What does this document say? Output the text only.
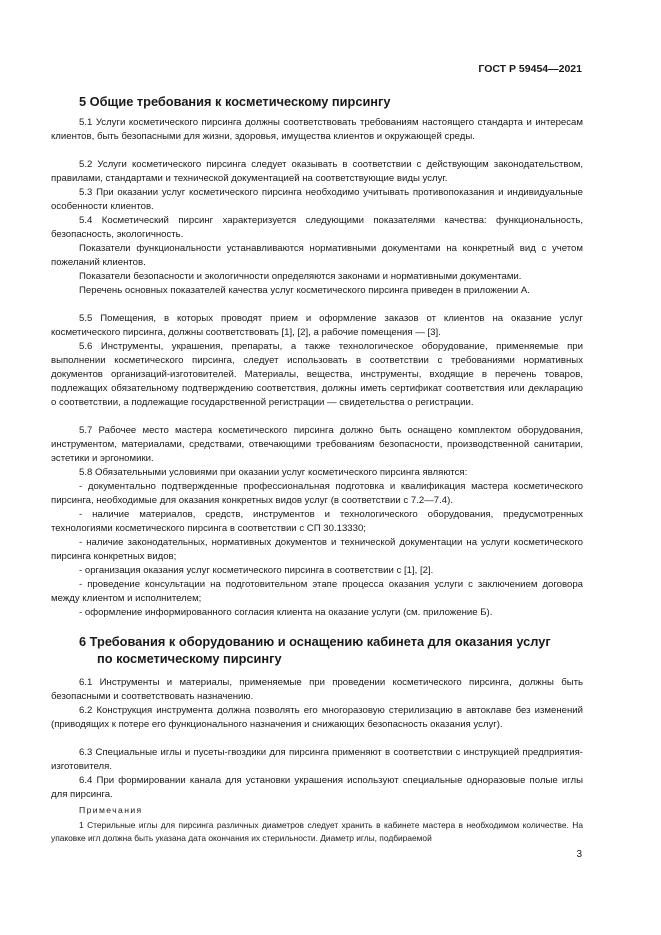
ГОСТ Р 59454—2021
5 Общие требования к косметическому пирсингу

5.1 Услуги косметического пирсинга должны соответствовать требованиям настоящего стандарта и интересам клиентов, быть безопасными для жизни, здоровья, имущества клиентов и окружающей среды.

5.2 Услуги косметического пирсинга следует оказывать в соответствии с действующим законодательством, правилами, стандартами и технической документацией на соответствующие виды услуг.

5.3 При оказании услуг косметического пирсинга необходимо учитывать противопоказания и индивидуальные особенности клиентов.

5.4 Косметический пирсинг характеризуется следующими показателями качества: функциональность, безопасность, экологичность.

Показатели функциональности устанавливаются нормативными документами на конкретный вид с учетом пожеланий клиентов.

Показатели безопасности и экологичности определяются законами и нормативными документами.

Перечень основных показателей качества услуг косметического пирсинга приведен в приложении А.

5.5 Помещения, в которых проводят прием и оформление заказов от клиентов на оказание услуг косметического пирсинга, должны соответствовать [1], [2], а рабочие помещения — [3].

5.6 Инструменты, украшения, препараты, а также технологическое оборудование, применяемые при выполнении косметического пирсинга, следует использовать в соответствии с требованиями нормативных документов организаций-изготовителей. Материалы, вещества, инструменты, входящие в перечень товаров, подлежащих обязательному подтверждению соответствия, должны иметь сертификат соответствия или декларацию о соответствии, а подлежащие государственной регистрации — свидетельства о регистрации.

5.7 Рабочее место мастера косметического пирсинга должно быть оснащено комплектом оборудования, инструментом, материалами, средствами, отвечающими требованиям безопасности, производственной санитарии, эстетики и эргономики.

5.8 Обязательными условиями при оказании услуг косметического пирсинга являются:

- документально подтвержденные профессиональная подготовка и квалификация мастера косметического пирсинга, необходимые для оказания конкретных видов услуг (в соответствии с 7.2—7.4).

- наличие материалов, средств, инструментов и технологического оборудования, предусмотренных технологиями косметического пирсинга в соответствии с СП 30.13330;

- наличие законодательных, нормативных документов и технической документации на услуги косметического пирсинга конкретных видов;

- организация оказания услуг косметического пирсинга в соответствии с [1], [2].

- проведение консультации на подготовительном этапе процесса оказания услуги с заключением договора между клиентом и исполнителем;

- оформление информированного согласия клиента на оказание услуги (см. приложение Б).

6 Требования к оборудованию и оснащению кабинета для оказания услуг
по косметическому пирсингу

6.1 Инструменты и материалы, применяемые при проведении косметического пирсинга, должны быть безопасными и соответствовать назначению.

6.2 Конструкция инструмента должна позволять его многоразовую стерилизацию в автоклаве без изменений (приводящих к потере его функционального назначения и снижающих безопасность оказания услуг).

6.3 Специальные иглы и пусеты-гвоздики для пирсинга применяют в соответствии с инструкцией предприятия-изготовителя.

6.4 При формировании канала для установки украшения используют специальные одноразовые полые иглы для пирсинга.

Примечания

1 Стерильные иглы для пирсинга различных диаметров следует хранить в кабинете мастера в необходимом количестве. На упаковке игл должна быть указана дата окончания их стерильности. Диаметр иглы, подбираемой

3
